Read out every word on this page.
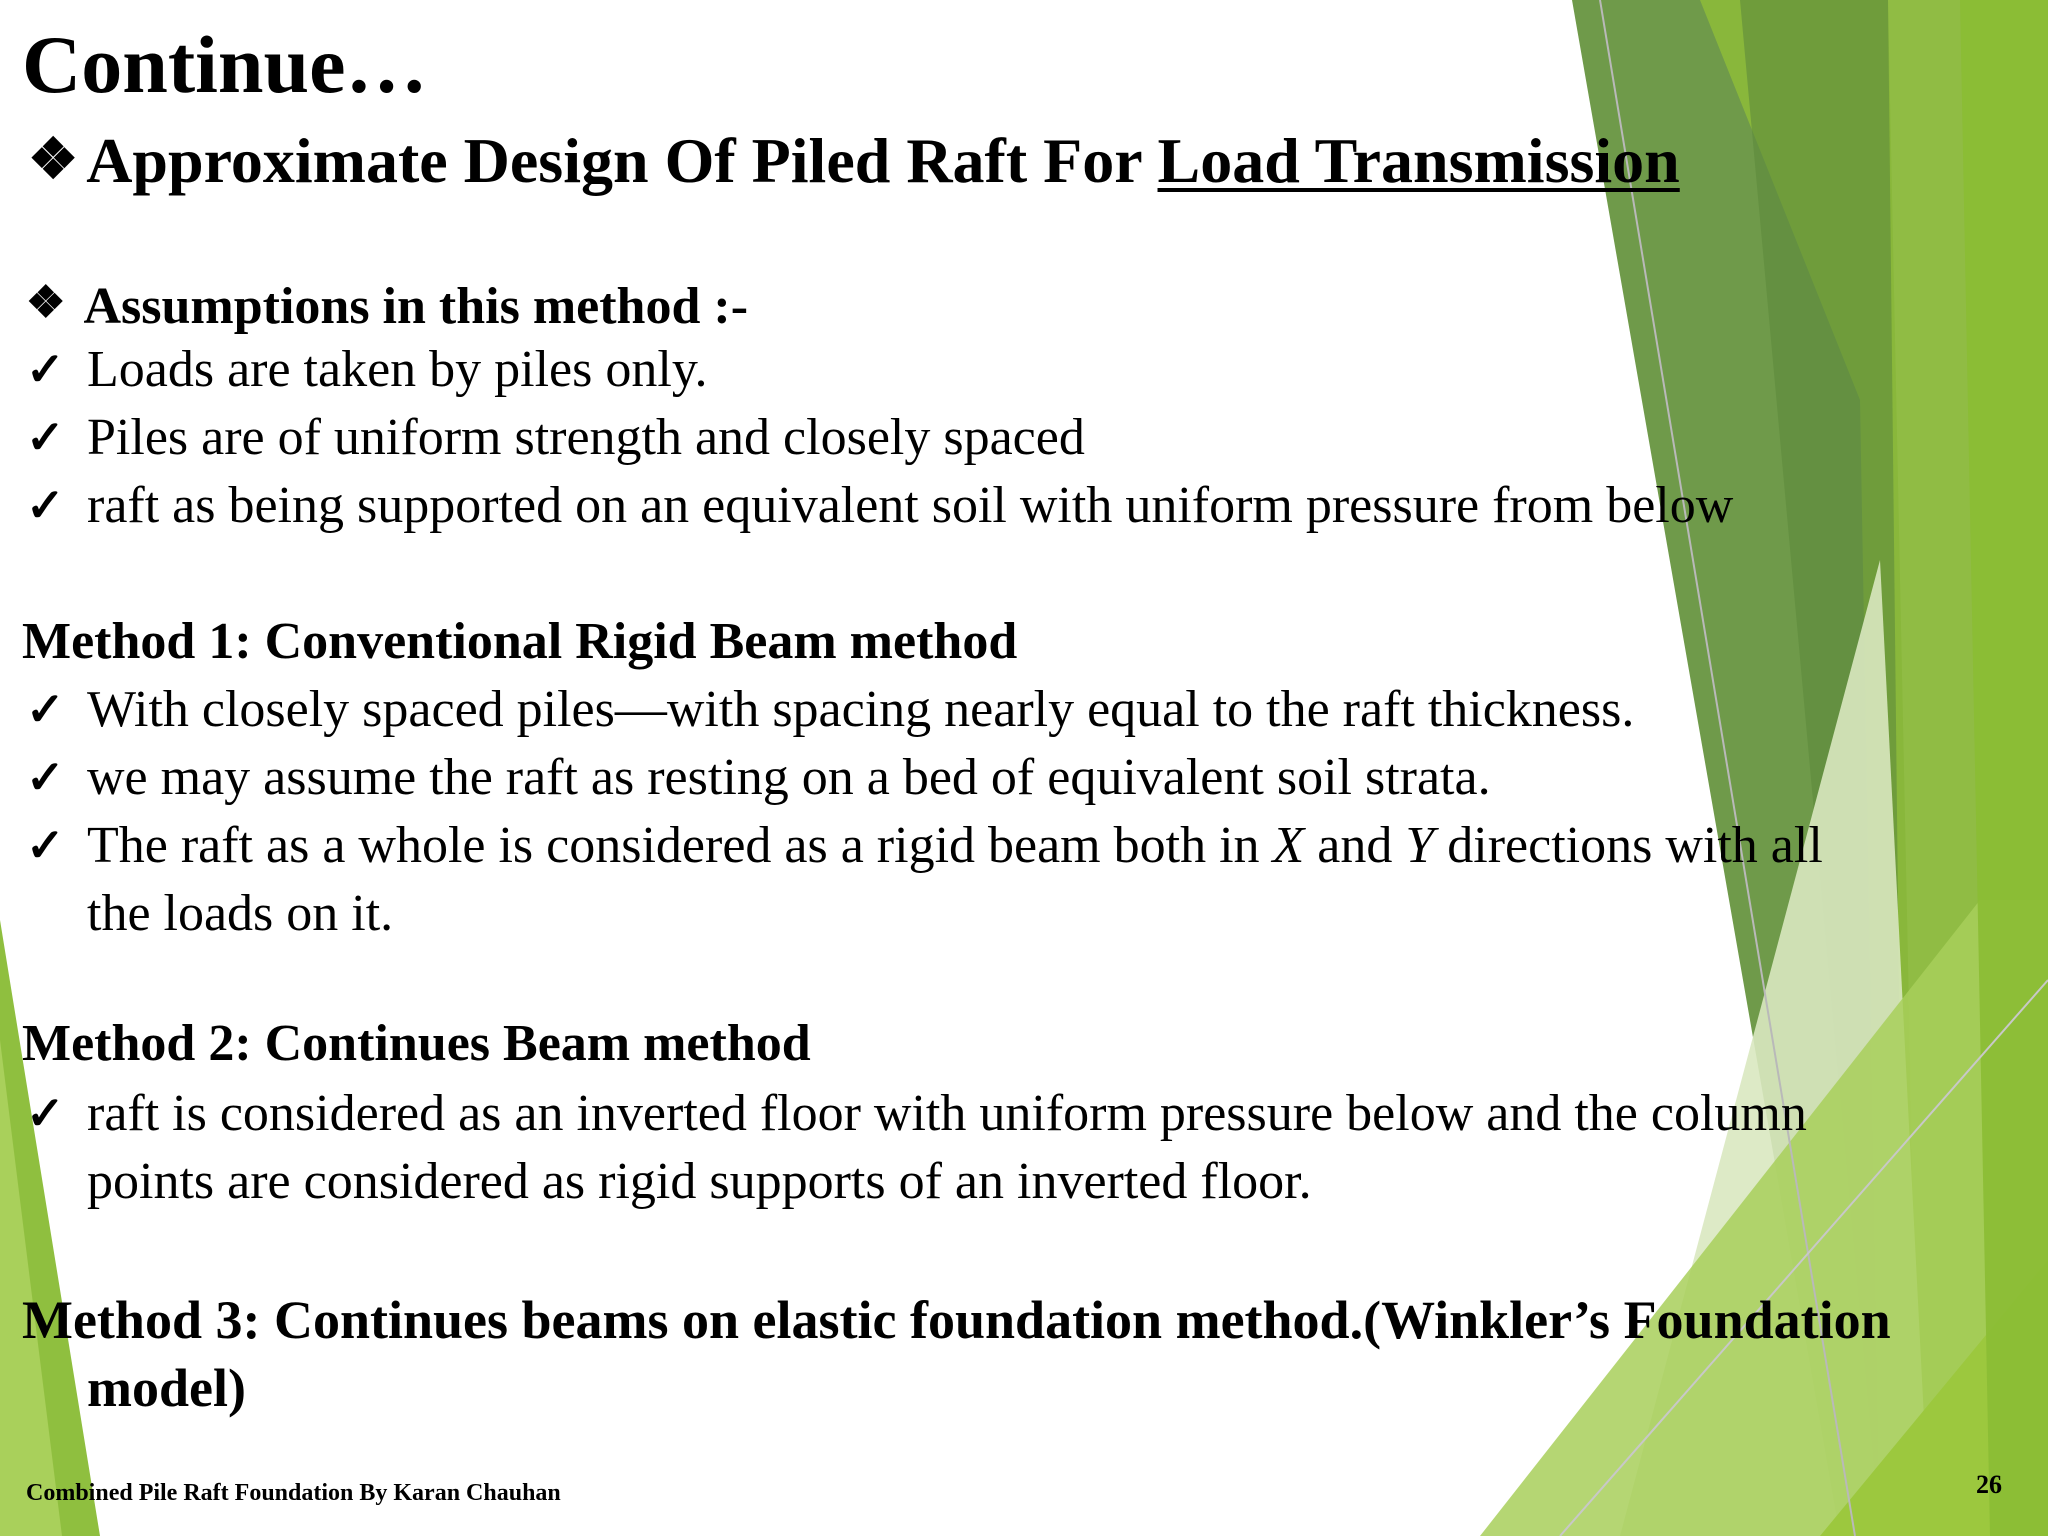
Continue…
❖ Approximate Design Of Piled Raft For Load Transmission
❖ Assumptions in this method :-
✓ Loads are taken by piles only.
✓ Piles are of uniform strength and closely spaced
✓ raft as being supported on an equivalent soil with uniform pressure from below
Method 1: Conventional Rigid Beam method
✓ With closely spaced piles—with spacing nearly equal to the raft thickness.
✓ we may assume the raft as resting on a bed of equivalent soil strata.
✓ The raft as a whole is considered as a rigid beam both in X and Y directions with all
the loads on it.
Method 2: Continues Beam method
✓ raft is considered as an inverted floor with uniform pressure below and the column
points are considered as rigid supports of an inverted floor.
Method 3: Continues beams on elastic foundation method.(Winkler’s Foundation
model)
Combined Pile Raft Foundation By Karan Chauhan	26
